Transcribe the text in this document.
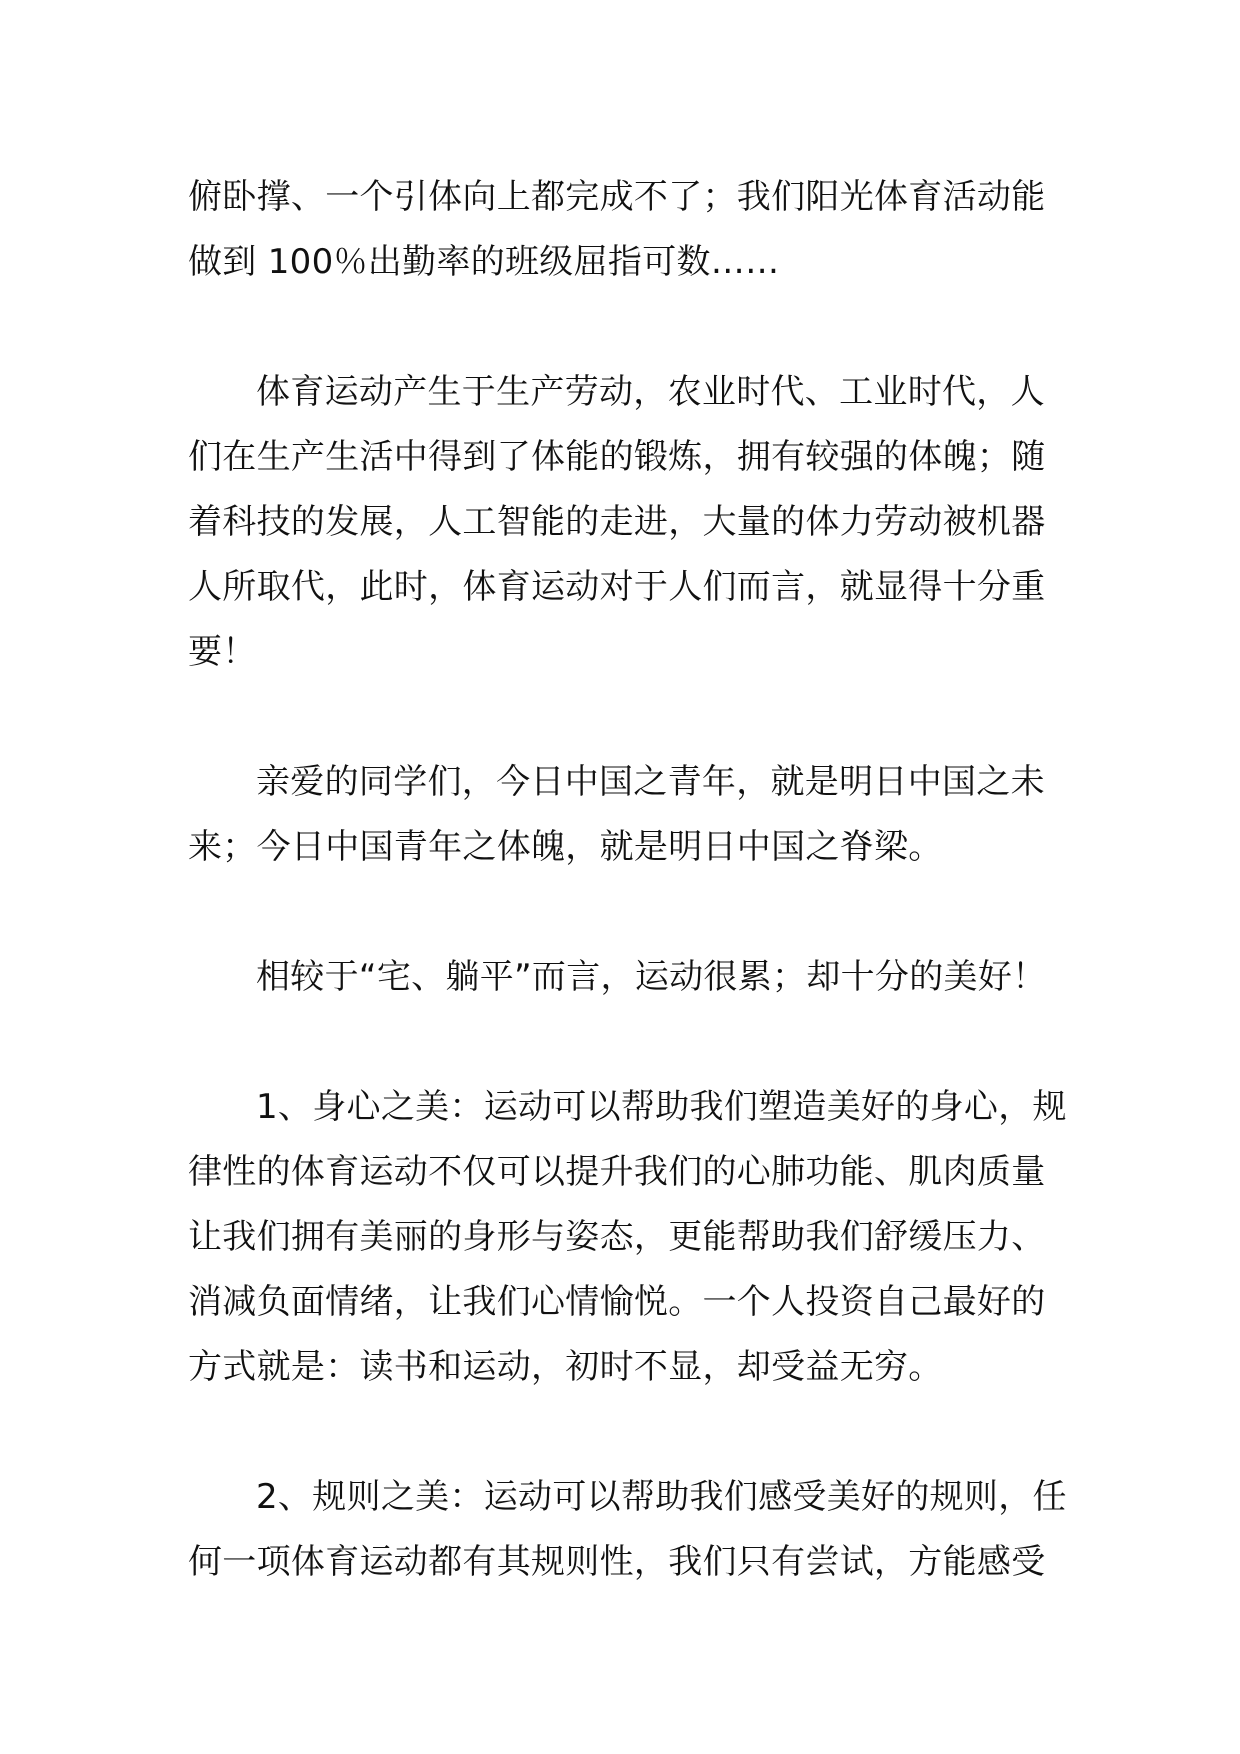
俯卧撑、一个引体向上都完成不了；我们阳光体育活动能
做到 100％出勤率的班级屈指可数……
体育运动产生于生产劳动，农业时代、工业时代，人
们在生产生活中得到了体能的锻炼，拥有较强的体魄；随
着科技的发展，人工智能的走进，大量的体力劳动被机器
人所取代，此时，体育运动对于人们而言，就显得十分重
要！
亲爱的同学们，今日中国之青年，就是明日中国之未
来；今日中国青年之体魄，就是明日中国之脊梁。
相较于“宅、躺平”而言，运动很累；却十分的美好！
1、身心之美：运动可以帮助我们塑造美好的身心，规
律性的体育运动不仅可以提升我们的心肺功能、肌肉质量
让我们拥有美丽的身形与姿态，更能帮助我们舒缓压力、
消减负面情绪，让我们心情愉悦。一个人投资自己最好的
方式就是：读书和运动，初时不显，却受益无穷。
2、规则之美：运动可以帮助我们感受美好的规则，任
何一项体育运动都有其规则性，我们只有尝试，方能感受
